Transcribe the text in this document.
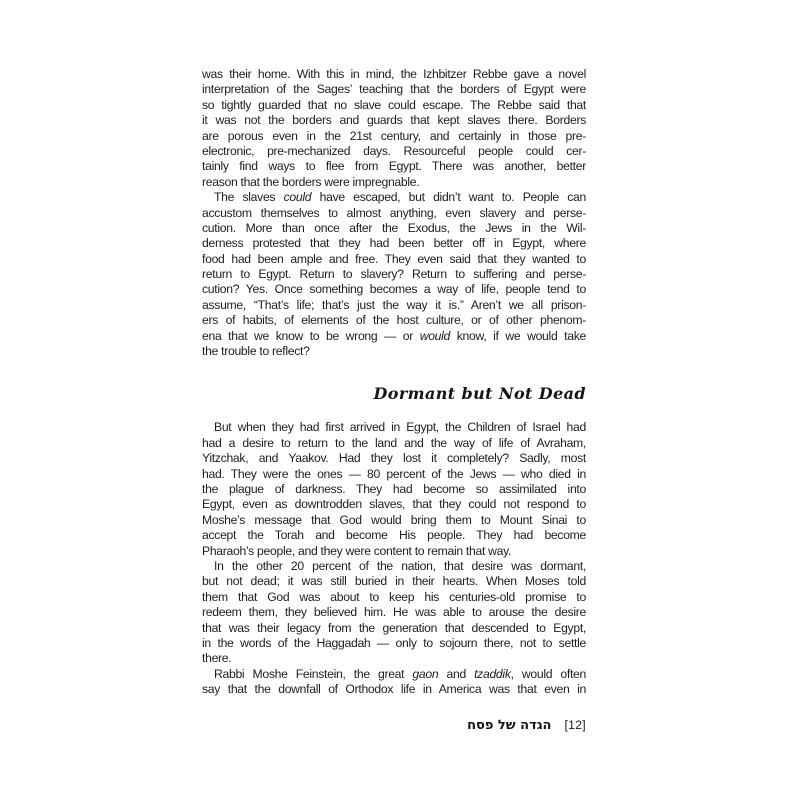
was their home. With this in mind, the Izhbitzer Rebbe gave a novel
interpretation of the Sages’ teaching that the borders of Egypt were
so tightly guarded that no slave could escape. The Rebbe said that
it was not the borders and guards that kept slaves there. Borders
are porous even in the 21st century, and certainly in those pre-
electronic, pre-mechanized days. Resourceful people could cer-
tainly find ways to flee from Egypt. There was another, better
reason that the borders were impregnable.
The slaves could have escaped, but didn’t want to. People can
accustom themselves to almost anything, even slavery and perse-
cution. More than once after the Exodus, the Jews in the Wil-
derness protested that they had been better off in Egypt, where
food had been ample and free. They even said that they wanted to
return to Egypt. Return to slavery? Return to suffering and perse-
cution? Yes. Once something becomes a way of life, people tend to
assume, “That’s life; that’s just the way it is.” Aren’t we all prison-
ers of habits, of elements of the host culture, or of other phenom-
ena that we know to be wrong — or would know, if we would take
the trouble to reflect?
Dormant but Not Dead
But when they had first arrived in Egypt, the Children of Israel had
had a desire to return to the land and the way of life of Avraham,
Yitzchak, and Yaakov. Had they lost it completely? Sadly, most
had. They were the ones — 80 percent of the Jews — who died in
the plague of darkness. They had become so assimilated into
Egypt, even as downtrodden slaves, that they could not respond to
Moshe’s message that God would bring them to Mount Sinai to
accept the Torah and become His people. They had become
Pharaoh’s people, and they were content to remain that way.
In the other 20 percent of the nation, that desire was dormant,
but not dead; it was still buried in their hearts. When Moses told
them that God was about to keep his centuries-old promise to
redeem them, they believed him. He was able to arouse the desire
that was their legacy from the generation that descended to Egypt,
in the words of the Haggadah — only to sojourn there, not to settle
there.
Rabbi Moshe Feinstein, the great gaon and tzaddik, would often
say that the downfall of Orthodox life in America was that even in
הגדה של פסח [12]
